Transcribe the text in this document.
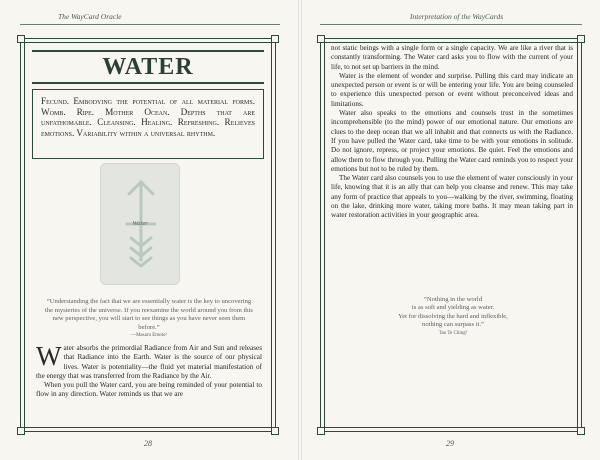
The WayCard Oracle
WATER

Fecund. Embodying the potential of all material forms. Womb. Ripe. Mother Ocean. Depths that are unfathomable. Cleansing. Healing. Refreshing. Relieves emotions. Variability within a universal rhythm.

Water

“Understanding the fact that we are essentially water is the key to uncovering the mysteries of the universe. If you reexamine the world around you from this new perspective, you will start to see things as you have never seen them before.”

—Masaru Emoto¹

Water absorbs the primordial Radiance from Air and Sun and releases that Radiance into the Earth. Water is the source of our physical lives. Water is potentiality—the fluid yet material manifestation of the energy that was transferred from the Radiance by the Air.

When you pull the Water card, you are being reminded of your potential to flow in any direction. Water reminds us that we are

28
Interpretation of the WayCards

not static beings with a single form or a single capacity. We are like a river that is constantly transforming. The Water card asks you to flow with the current of your life, to not set up barriers in the mind.

Water is the element of wonder and surprise. Pulling this card may indicate an unexpected person or event is or will be entering your life. You are being counseled to experience this unexpected person or event without preconceived ideas and limitations.

Water also speaks to the emotions and counsels trust in the sometimes incomprehensible (to the mind) power of our emotional nature. Our emotions are clues to the deep ocean that we all inhabit and that connects us with the Radiance. If you have pulled the Water card, take time to be with your emotions in solitude. Do not ignore, repress, or project your emotions. Be quiet. Feel the emotions and allow them to flow through you. Pulling the Water card reminds you to respect your emotions but not to be ruled by them.

The Water card also counsels you to use the element of water consciously in your life, knowing that it is an ally that can help you cleanse and renew. This may take any form of practice that appeals to you—walking by the river, swimming, floating on the lake, drinking more water, taking more baths. It may mean taking part in water restoration activities in your geographic area.

“Nothing in the world

is as soft and yielding as water.

Yet for dissolving the hard and inflexible,

nothing can surpass it.”

Tao Te Ching²

29
